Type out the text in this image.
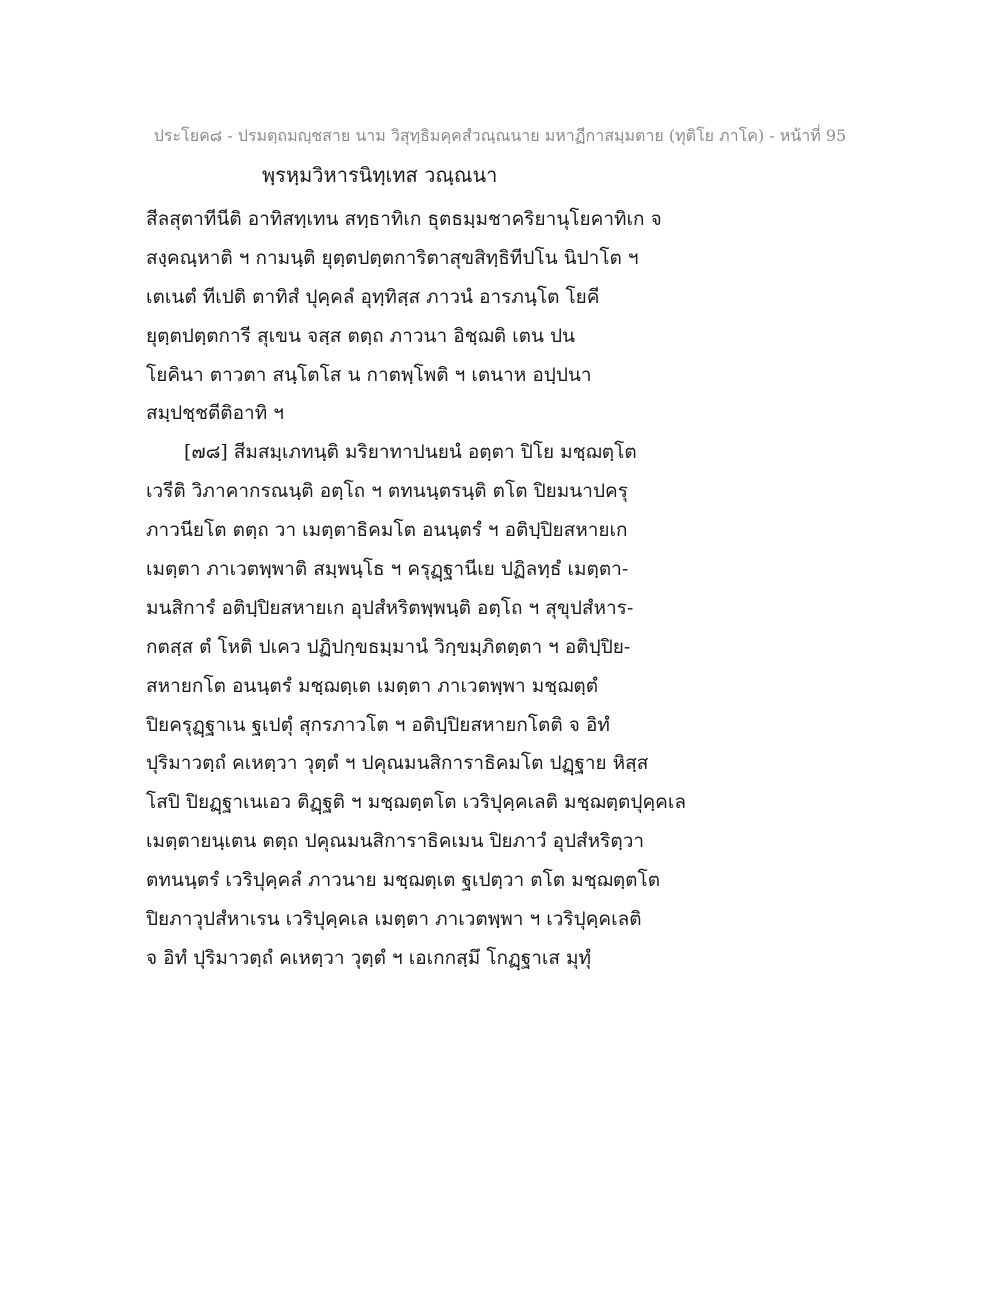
ประโยค๘ - ปรมตฺถมญฺชสาย นาม วิสุทฺธิมคฺคสํวณฺณนาย มหาฏีกาสมฺมตาย (ทุติโย ภาโค) - หน้าที่ 95
พฺรหฺมวิหารนิทฺเทส วณฺณนา
สีลสุตาทีนีติ อาทิสทฺเทน สทฺธาทิเก ธุตธมฺมชาคริยานุโยคาทิเก จ
สงฺคณฺหาติ ฯ กามนฺติ ยุตฺตปตฺตการิตาสุขสิทฺธิทีปโน นิปาโต ฯ
เตเนตํ ทีเปติ ตาทิสํ ปุคฺคลํ อุทฺทิสฺส ภาวนํ อารภนฺโต โยคี
ยุตฺตปตฺตการี สุเขน จสฺส ตตฺถ ภาวนา อิชฺฌติ เตน ปน
โยคินา ตาวตา สนฺโตโส น กาตพฺโพติ ฯ เตนาห อปฺปนา
สมฺปชฺชตีติอาทิ ฯ
[๗๘] สีมสมฺเภทนฺติ มริยาทาปนยนํ อตฺตา ปิโย มชฺฌตฺโต
เวรีติ วิภาคากรณนฺติ อตฺโถ ฯ ตทนนฺตรนฺติ ตโต ปิยมนาปครุ
ภาวนียโต ตตฺถ วา เมตฺตาธิคมโต อนนฺตรํ ฯ อติปฺปิยสหายเก
เมตฺตา ภาเวตพฺพาติ สมฺพนฺโธ ฯ ครุฏฺฐานีเย ปฏิลทฺธํ เมตฺตา-
มนสิการํ อติปฺปิยสหายเก อุปสํหริตพฺพนฺติ อตฺโถ ฯ สุขุปสํหาร-
กตสฺส ตํ โหติ ปเคว ปฏิปกฺขธมฺมานํ วิกฺขมฺภิตตฺตา ฯ อติปฺปิย-
สหายกโต อนนฺตรํ มชฺฌตฺเต เมตฺตา ภาเวตพฺพา มชฺฌตฺตํ
ปิยครุฏฺฐาเน ฐเปตุํ สุกรภาวโต ฯ อติปฺปิยสหายกโตติ จ อิทํ
ปุริมาวตฺถํ คเหตฺวา วุตฺตํ ฯ ปคุณมนสิการาธิคมโต ปฏฺฐาย หิสฺส
โสปิ ปิยฏฺฐาเนเอว ติฏฺฐติ ฯ มชฺฌตฺตโต เวริปุคฺคเลติ มชฺฌตฺตปุคฺคเล
เมตฺตายนฺเตน ตตฺถ ปคุณมนสิการาธิคเมน ปิยภาวํ อุปสํหริตฺวา
ตทนนฺตรํ เวริปุคฺคลํ ภาวนาย มชฺฌตฺเต ฐเปตฺวา ตโต มชฺฌตฺตโต
ปิยภาวุปสํหาเรน เวริปุคฺคเล เมตฺตา ภาเวตพฺพา ฯ เวริปุคฺคเลติ
จ อิทํ ปุริมาวตฺถํ คเหตฺวา วุตฺตํ ฯ เอเกกสฺมึ โกฏฺฐาเส มุทุํ
